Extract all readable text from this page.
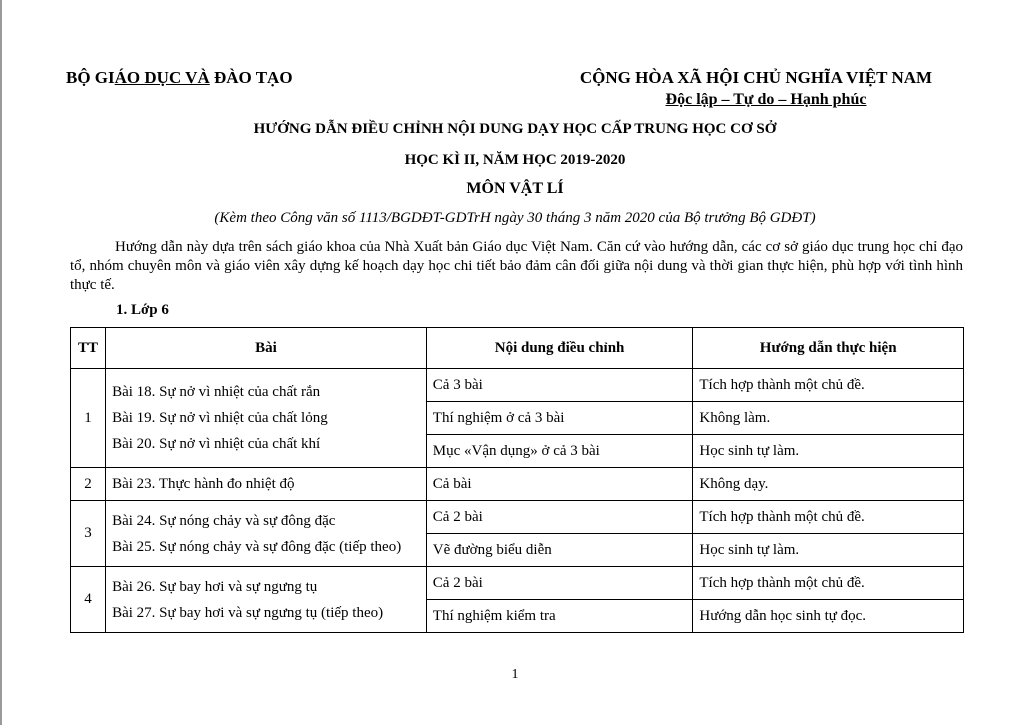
BỘ GIÁO DỤC VÀ ĐÀO TẠO	CỘNG HÒA XÃ HỘI CHỦ NGHĨA VIỆT NAM
Độc lập – Tự do – Hạnh phúc
HƯỚNG DẪN ĐIỀU CHỈNH NỘI DUNG DẠY HỌC CẤP TRUNG HỌC CƠ SỞ
HỌC KÌ II, NĂM HỌC 2019-2020
MÔN VẬT LÍ
(Kèm theo Công văn số 1113/BGDĐT-GDTrH ngày 30 tháng 3 năm 2020 của Bộ trưởng Bộ GDĐT)
Hướng dẫn này dựa trên sách giáo khoa của Nhà Xuất bản Giáo dục Việt Nam. Căn cứ vào hướng dẫn, các cơ sở giáo dục trung học chỉ đạo tổ, nhóm chuyên môn và giáo viên xây dựng kế hoạch dạy học chi tiết bảo đảm cân đối giữa nội dung và thời gian thực hiện, phù hợp với tình hình thực tế.
1. Lớp 6
TT	Bài	Nội dung điều chỉnh	Hướng dẫn thực hiện
1	Bài 18. Sự nở vì nhiệt của chất rắn
Bài 19. Sự nở vì nhiệt của chất lỏng
Bài 20. Sự nở vì nhiệt của chất khí	Cả 3 bài	Tích hợp thành một chủ đề.
		Thí nghiệm ở cả 3 bài	Không làm.
		Mục «Vận dụng» ở cả 3 bài	Học sinh tự làm.
2	Bài 23. Thực hành đo nhiệt độ	Cả bài	Không dạy.
3	Bài 24. Sự nóng chảy và sự đông đặc
Bài 25. Sự nóng chảy và sự đông đặc (tiếp theo)	Cả 2 bài	Tích hợp thành một chủ đề.
		Vẽ đường biểu diễn	Học sinh tự làm.
4	Bài 26. Sự bay hơi và sự ngưng tụ
Bài 27. Sự bay hơi và sự ngưng tụ (tiếp theo)	Cả 2 bài	Tích hợp thành một chủ đề.
		Thí nghiệm kiểm tra	Hướng dẫn học sinh tự đọc.
1
